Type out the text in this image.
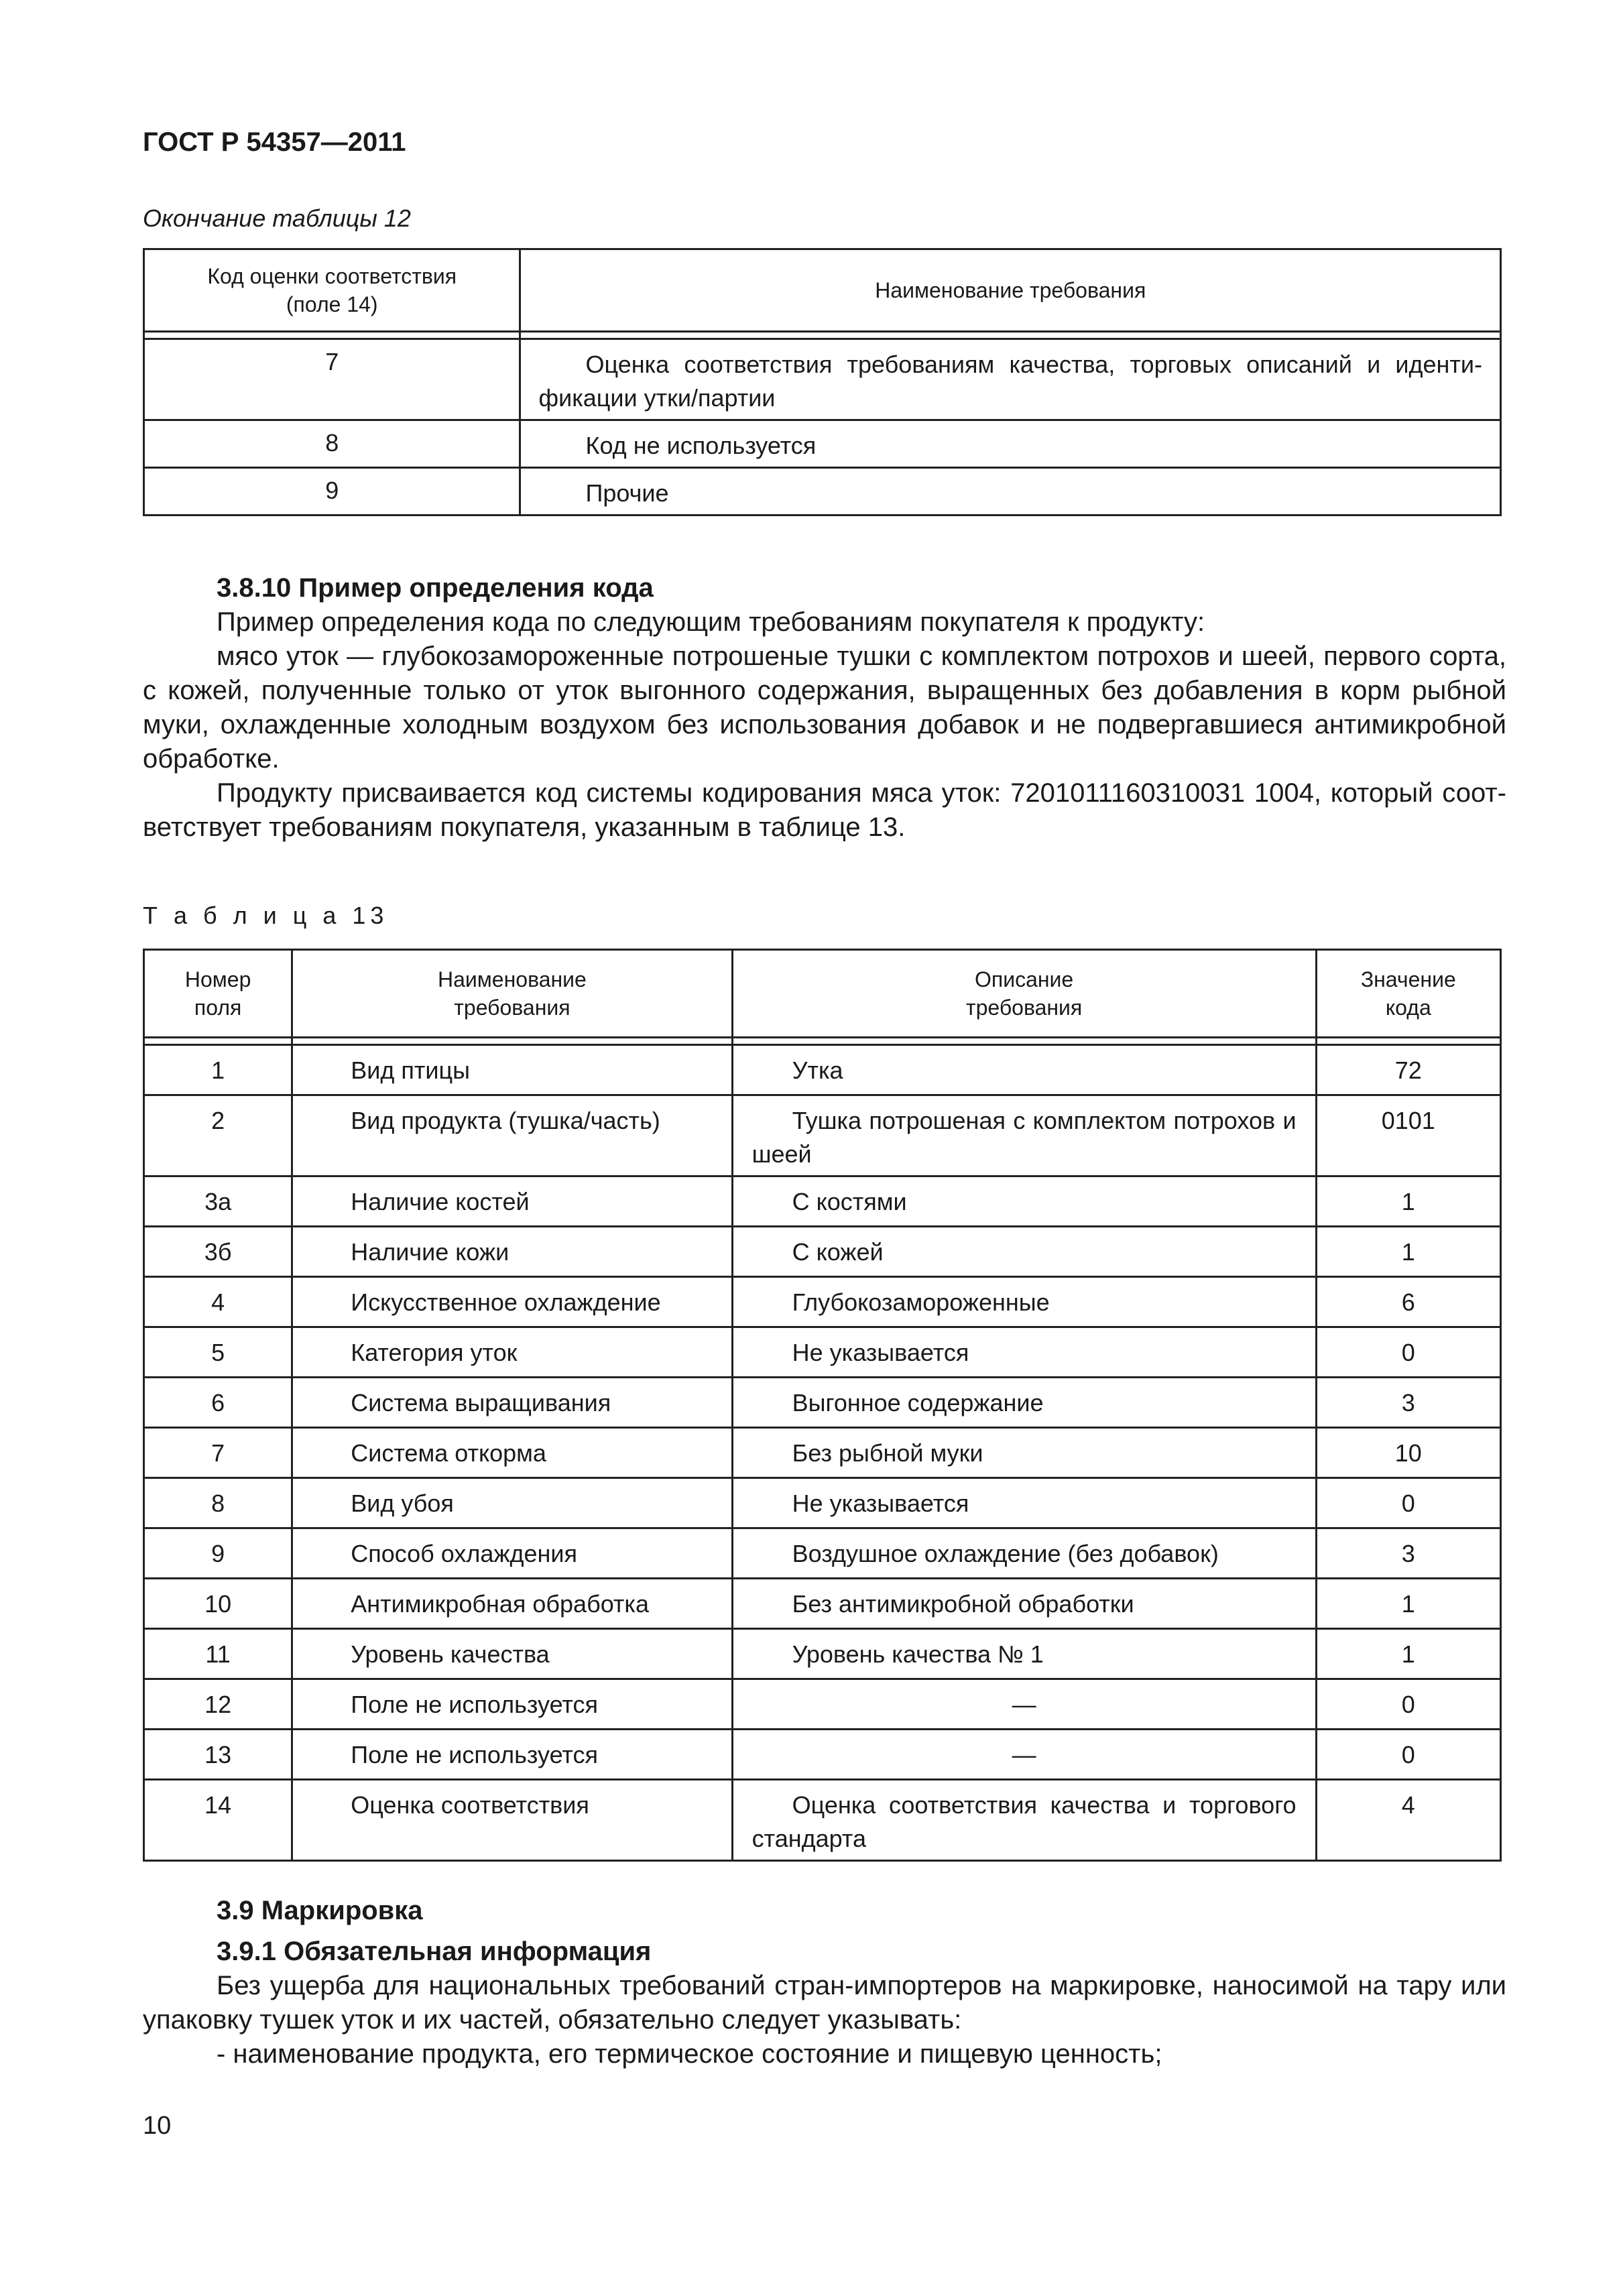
ГОСТ Р 54357—2011
Окончание таблицы 12
Код оценки соответствия (поле 14)	Наименование требования

7	Оценка соответствия требованиям качества, торговых описаний и идентификации утки/партии
8	Код не используется
9	Прочие

3.8.10 Пример определения кода

Пример определения кода по следующим требованиям покупателя к продукту:

мясо уток — глубокозамороженные потрошеные тушки с комплектом потрохов и шеей, первого сорта, с кожей, полученные только от уток выгонного содержания, выращенных без добавления в корм рыбной муки, охлажденные холодным воздухом без использования добавок и не подвергавшиеся антимикробной обработке.

Продукту присваивается код системы кодирования мяса уток: 7201011160310031 1004, который соответствует требованиям покупателя, указанным в таблице 13.

Т а б л и ц а 13
Номер поля	Наименование требования	Описание требования	Значение кода

1	Вид птицы	Утка	72
2	Вид продукта (тушка/часть)	Тушка потрошеная с комплектом потрохов и шеей	0101
3а	Наличие костей	С костями	1
3б	Наличие кожи	С кожей	1
4	Искусственное охлаждение	Глубокозамороженные	6
5	Категория уток	Не указывается	0
6	Система выращивания	Выгонное содержание	3
7	Система откорма	Без рыбной муки	10
8	Вид убоя	Не указывается	0
9	Способ охлаждения	Воздушное охлаждение (без добавок)	3
10	Антимикробная обработка	Без антимикробной обработки	1
11	Уровень качества	Уровень качества № 1	1
12	Поле не используется	—	0
13	Поле не используется	—	0
14	Оценка соответствия	Оценка соответствия качества и торгового стандарта	4

3.9 Маркировка

3.9.1 Обязательная информация

Без ущерба для национальных требований стран-импортеров на маркировке, наносимой на тару или упаковку тушек уток и их частей, обязательно следует указывать:

- наименование продукта, его термическое состояние и пищевую ценность;

10
